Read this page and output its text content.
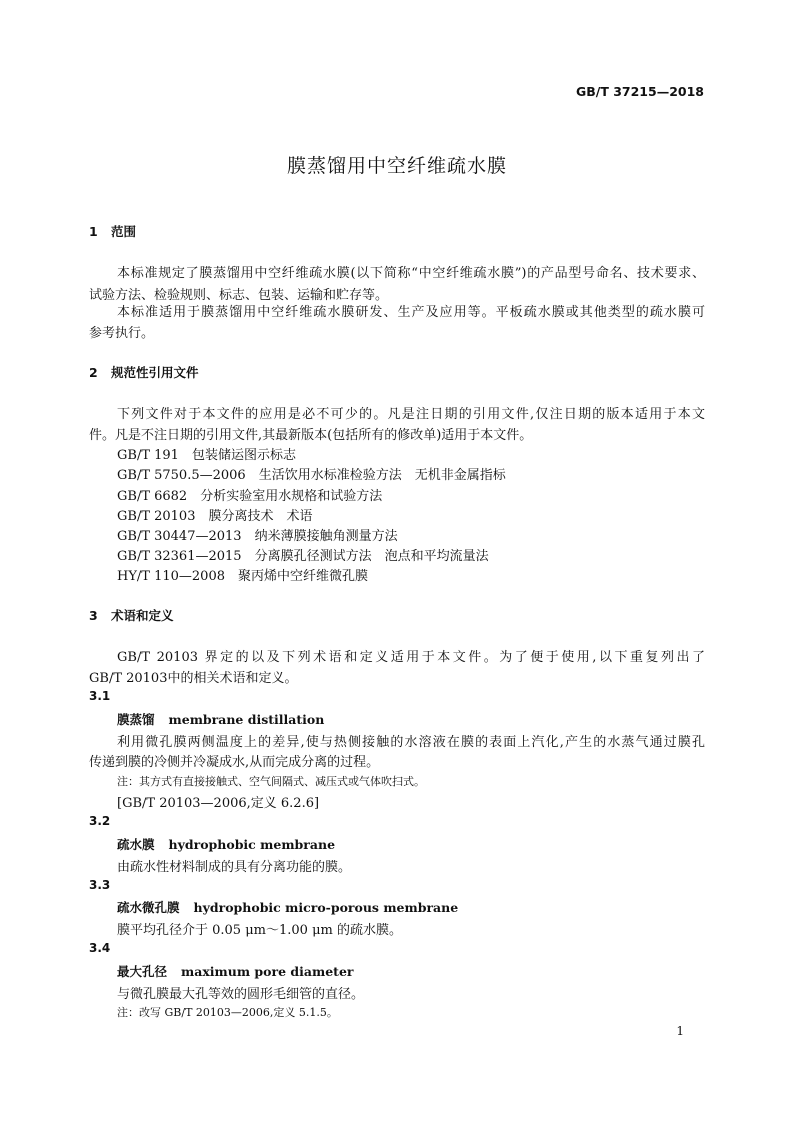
GB/T 37215—2018
膜蒸馏用中空纤维疏水膜
1 范围
本标准规定了膜蒸馏用中空纤维疏水膜(以下简称“中空纤维疏水膜”)的产品型号命名、技术要求、
试验方法、检验规则、标志、包装、运输和贮存等。
本标准适用于膜蒸馏用中空纤维疏水膜研发、生产及应用等。平板疏水膜或其他类型的疏水膜可
参考执行。
2 规范性引用文件
下列文件对于本文件的应用是必不可少的。凡是注日期的引用文件,仅注日期的版本适用于本文
件。凡是不注日期的引用文件,其最新版本(包括所有的修改单)适用于本文件。
GB/T 191　 包装储运图示标志
GB/T 5750.5—2006　 生活饮用水标准检验方法　无机非金属指标
GB/T 6682　 分析实验室用水规格和试验方法
GB/T 20103　 膜分离技术　术语
GB/T 30447—2013　 纳米薄膜接触角测量方法
GB/T 32361—2015　 分离膜孔径测试方法　泡点和平均流量法
HY/T 110—2008　 聚丙烯中空纤维微孔膜
3 术语和定义
GB/T 20103 界定的以及下列术语和定义适用于本文件。为了便于使用,以下重复列出了
GB/T 20103中的相关术语和定义。
3.1
膜蒸馏 membrane distillation
利用微孔膜两侧温度上的差异,使与热侧接触的水溶液在膜的表面上汽化,产生的水蒸气通过膜孔
传递到膜的冷侧并冷凝成水,从而完成分离的过程。
注：其方式有直接接触式、空气间隔式、减压式或气体吹扫式。
[GB/T 20103—2006,定义 6.2.6]
3.2
疏水膜 hydrophobic membrane
由疏水性材料制成的具有分离功能的膜。
3.3
疏水微孔膜 hydrophobic micro-porous membrane
膜平均孔径介于 0.05 μm～1.00 μm 的疏水膜。
3.4
最大孔径 maximum pore diameter
与微孔膜最大孔等效的圆形毛细管的直径。
注：改写 GB/T 20103—2006,定义 5.1.5。
1
